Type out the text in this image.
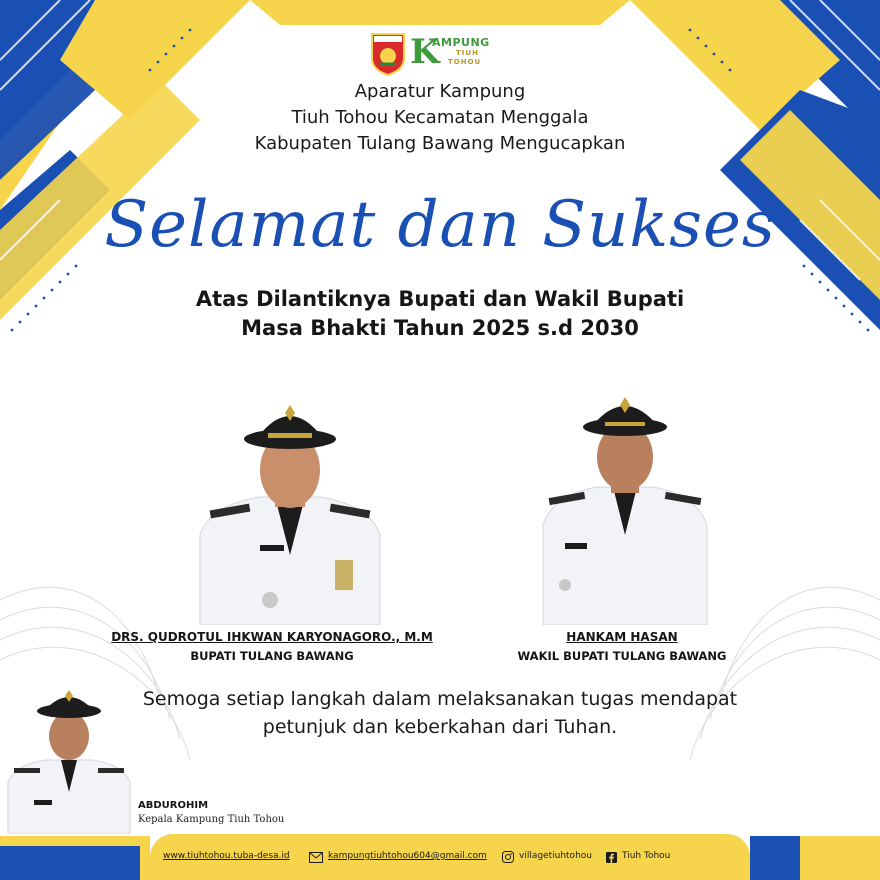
K
AMPUNG
TIUH
TOHOU
Aparatur Kampung
Tiuh Tohou Kecamatan Menggala
Kabupaten Tulang Bawang Mengucapkan
Selamat dan Sukses
Atas Dilantiknya Bupati dan Wakil Bupati
Masa Bhakti Tahun 2025 s.d 2030
DRS. QUDROTUL IHKWAN KARYONAGORO., M.M
BUPATI TULANG BAWANG
HANKAM HASAN
WAKIL BUPATI TULANG BAWANG
Semoga setiap langkah dalam melaksanakan tugas mendapat
petunjuk dan keberkahan dari Tuhan.
ABDUROHIM
Kepala Kampung Tiuh Tohou
www.tiuhtohou.tuba-desa.id	kampungtiuhtohou604@gmail.com	villagetiuhtohou	Tiuh Tohou
